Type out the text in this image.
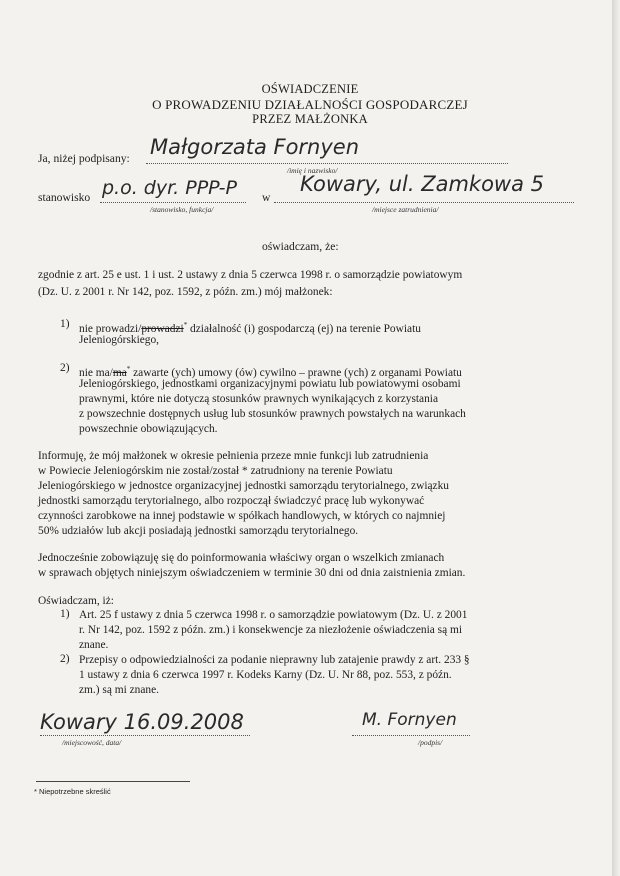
OŚWIADCZENIE
O PROWADZENIU DZIAŁALNOŚCI GOSPODARCZEJ
PRZEZ MAŁŻONKA
Ja, niżej podpisany: Małgorzata Fornyen
/imię i nazwisko/
stanowisko p.o. dyr. PPP-P
/stanowisko, funkcja/
w
Kowary, ul. Zamkowa 5
/miejsce zatrudnienia/
oświadczam, że:
zgodnie z art. 25 e ust. 1 i ust. 2 ustawy z dnia 5 czerwca 1998 r. o samorządzie powiatowym
(Dz. U. z 2001 r. Nr 142, poz. 1592, z późn. zm.) mój małżonek:
1) nie prowadzi/prowadzi* działalność (i) gospodarczą (ej) na terenie Powiatu
Jeleniogórskiego,
2) nie ma/ma* zawarte (ych) umowy (ów) cywilno – prawne (ych) z organami Powiatu
Jeleniogórskiego, jednostkami organizacyjnymi powiatu lub powiatowymi osobami
prawnymi, które nie dotyczą stosunków prawnych wynikających z korzystania
z powszechnie dostępnych usług lub stosunków prawnych powstałych na warunkach
powszechnie obowiązujących.
Informuję, że mój małżonek w okresie pełnienia przeze mnie funkcji lub zatrudnienia
w Powiecie Jeleniogórskim nie został/został * zatrudniony na terenie Powiatu
Jeleniogórskiego w jednostce organizacyjnej jednostki samorządu terytorialnego, związku
jednostki samorządu terytorialnego, albo rozpoczął świadczyć pracę lub wykonywać
czynności zarobkowe na innej podstawie w spółkach handlowych, w których co najmniej
50% udziałów lub akcji posiadają jednostki samorządu terytorialnego.
Jednocześnie zobowiązuję się do poinformowania właściwy organ o wszelkich zmianach
w sprawach objętych niniejszym oświadczeniem w terminie 30 dni od dnia zaistnienia zmian.
Oświadczam, iż:
1) Art. 25 f ustawy z dnia 5 czerwca 1998 r. o samorządzie powiatowym (Dz. U. z 2001
r. Nr 142, poz. 1592 z późn. zm.) i konsekwencje za niezłożenie oświadczenia są mi
znane.
2) Przepisy o odpowiedzialności za podanie nieprawny lub zatajenie prawdy z art. 233 §
1 ustawy z dnia 6 czerwca 1997 r. Kodeks Karny (Dz. U. Nr 88, poz. 553, z późn.
zm.) są mi znane.
Kowary 16.09.2008
/miejscowość, data/
M. Fornyen
/podpis/
* Niepotrzebne skreślić
